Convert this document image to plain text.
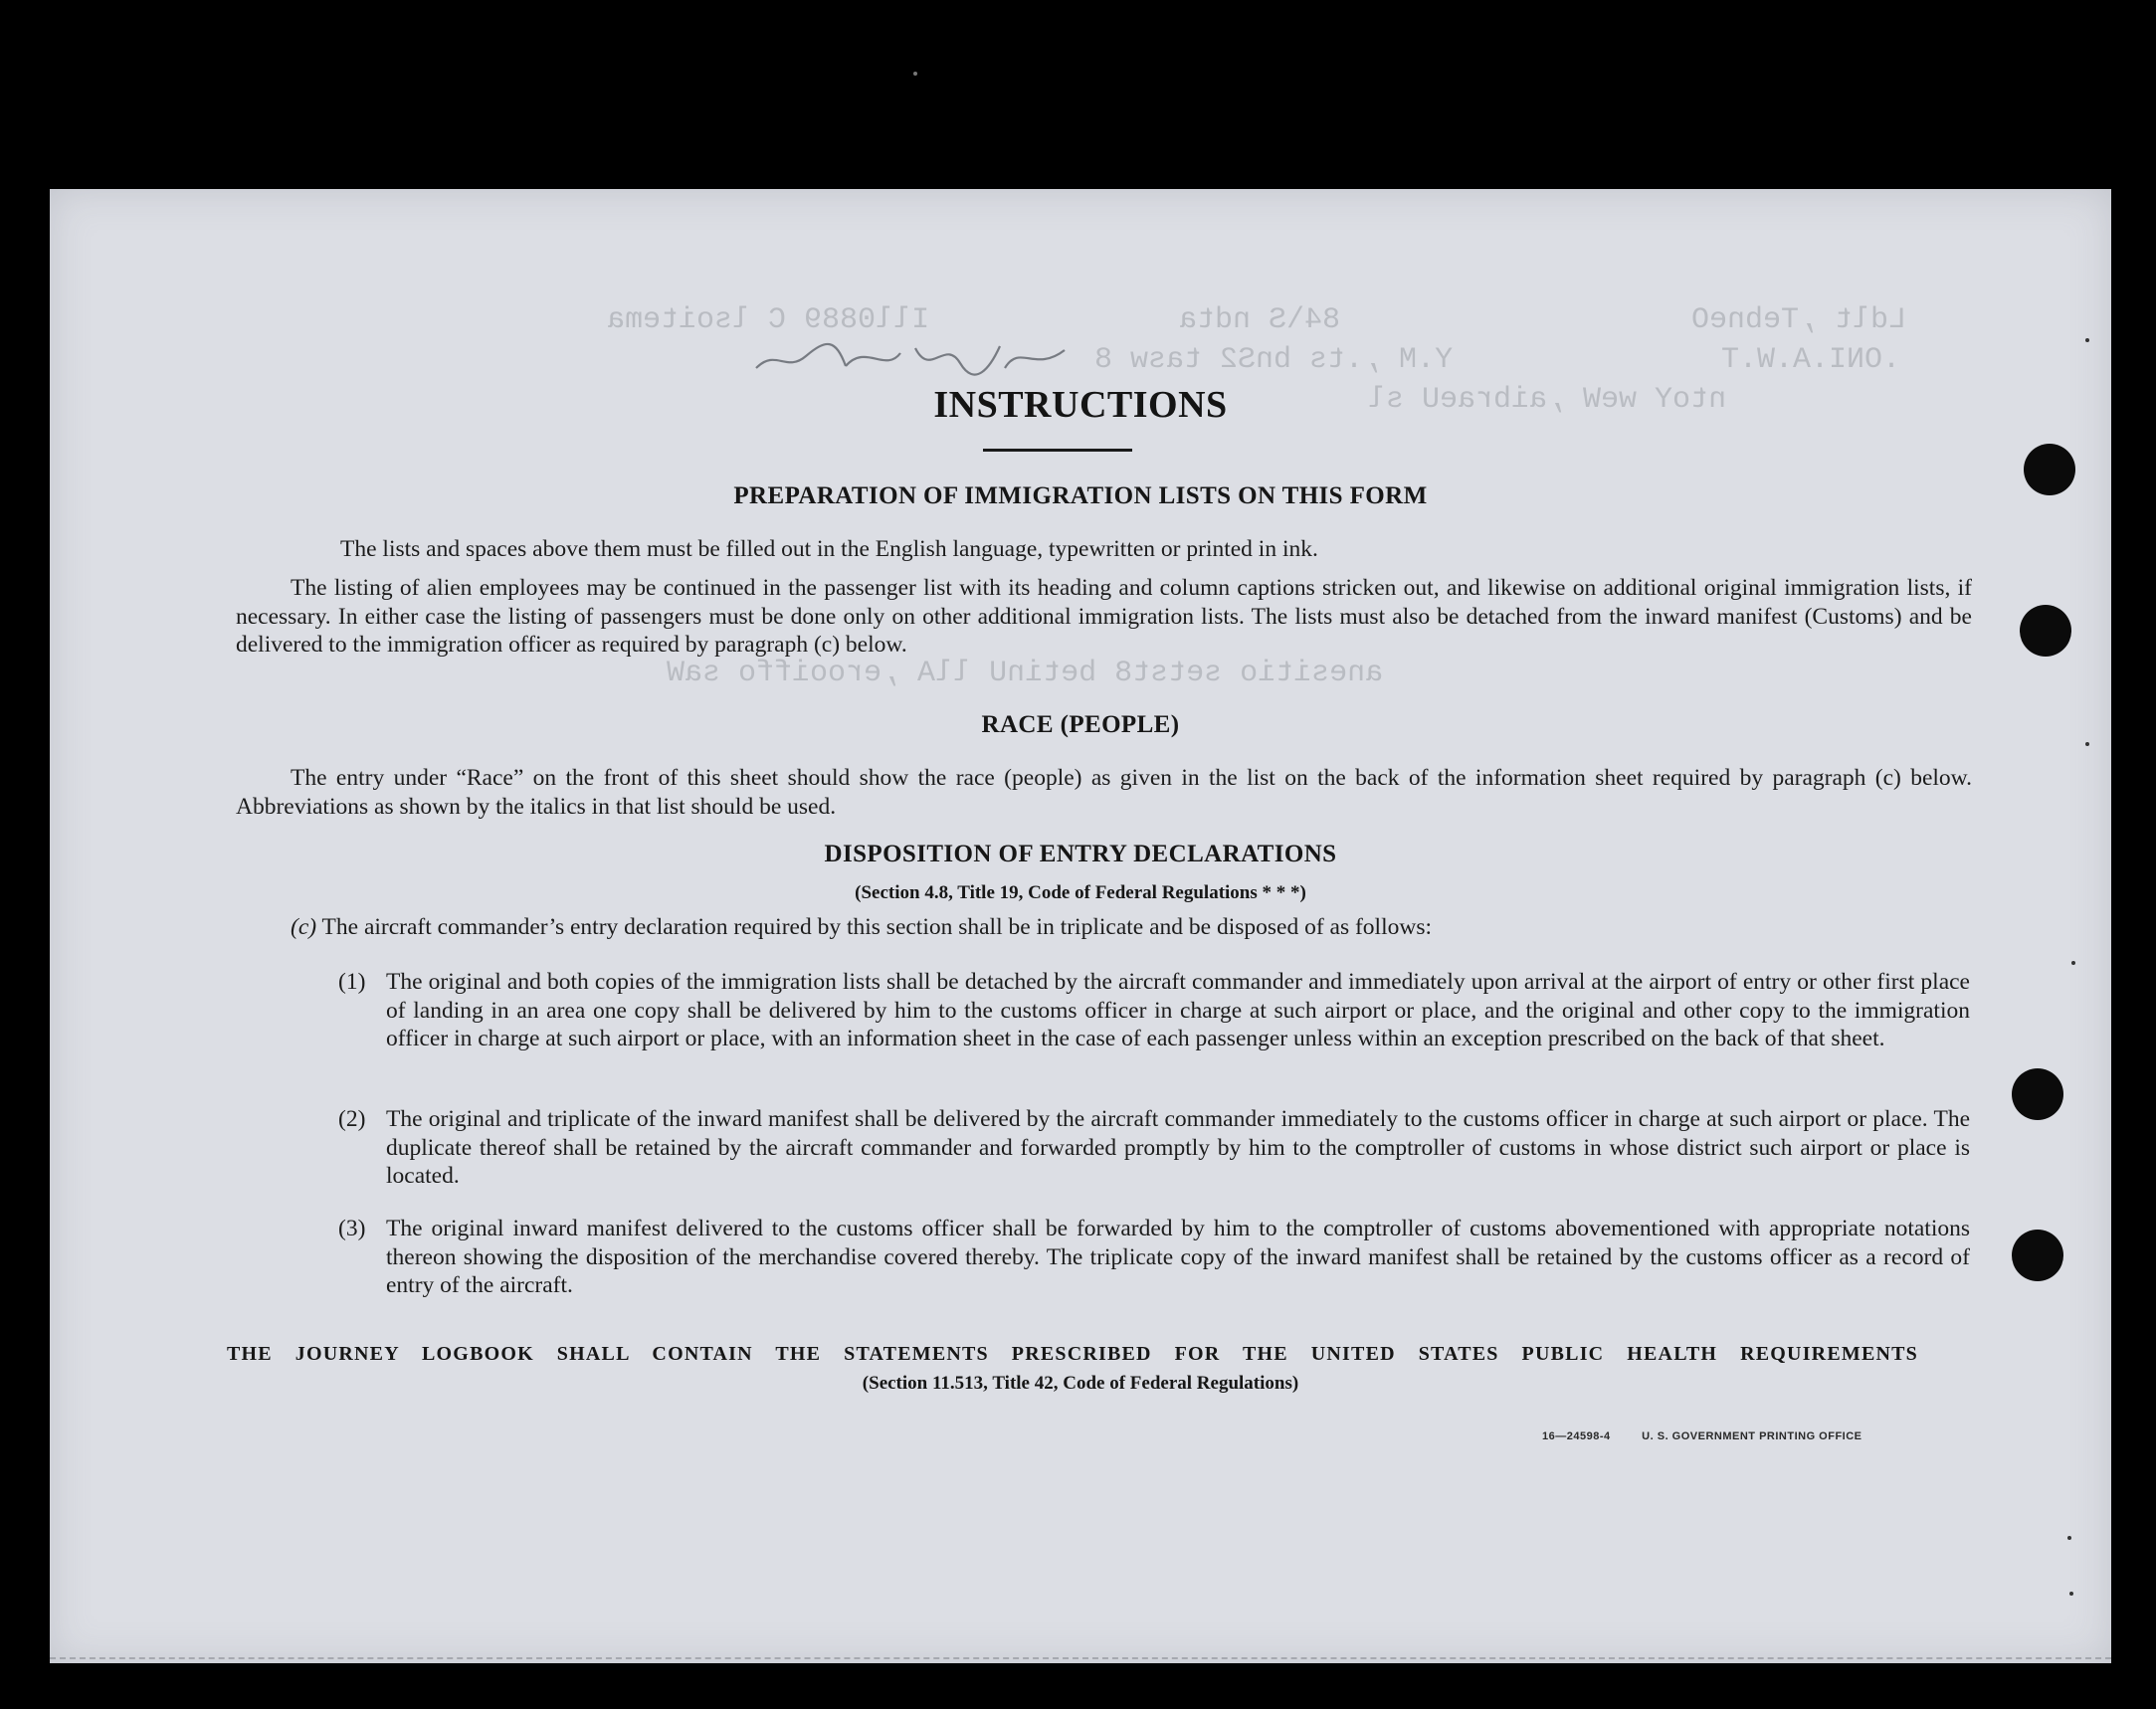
Ill0889 C lsoitema	84\S ndta	Ldlt ,TebneO
Y.M ,.ts bnS2 tasw 8	.ONI.A.W.T
ntoY weW ,aibraeU sl
anesitio setst8 betinU llA ,erooiffo saW
INSTRUCTIONS
PREPARATION OF IMMIGRATION LISTS ON THIS FORM
The lists and spaces above them must be filled out in the English language, typewritten or printed in ink.
The listing of alien employees may be continued in the passenger list with its heading and column captions stricken out, and likewise on additional original immigration lists, if necessary. In either case the listing of passengers must be done only on other additional immigration lists. The lists must also be detached from the inward manifest (Customs) and be delivered to the immigration officer as required by paragraph (c) below.
RACE (PEOPLE)
The entry under “Race” on the front of this sheet should show the race (people) as given in the list on the back of the information sheet required by paragraph (c) below. Abbreviations as shown by the italics in that list should be used.
DISPOSITION OF ENTRY DECLARATIONS
(Section 4.8, Title 19, Code of Federal Regulations * * *)
(c) The aircraft commander’s entry declaration required by this section shall be in triplicate and be disposed of as follows:
(1) The original and both copies of the immigration lists shall be detached by the aircraft commander and immediately upon arrival at the airport of entry or other first place of landing in an area one copy shall be delivered by him to the customs officer in charge at such airport or place, and the original and other copy to the immigration officer in charge at such airport or place, with an information sheet in the case of each passenger unless within an exception prescribed on the back of that sheet.
(2) The original and triplicate of the inward manifest shall be delivered by the aircraft commander immediately to the customs officer in charge at such airport or place. The duplicate thereof shall be retained by the aircraft commander and forwarded promptly by him to the comptroller of customs in whose district such airport or place is located.
(3) The original inward manifest delivered to the customs officer shall be forwarded by him to the comptroller of customs abovementioned with appropriate notations thereon showing the disposition of the merchandise covered thereby. The triplicate copy of the inward manifest shall be retained by the customs officer as a record of entry of the aircraft.
THE JOURNEY LOGBOOK SHALL CONTAIN THE STATEMENTS PRESCRIBED FOR THE UNITED STATES PUBLIC HEALTH REQUIREMENTS
(Section 11.513, Title 42, Code of Federal Regulations)
16—24598-4	U. S. GOVERNMENT PRINTING OFFICE
